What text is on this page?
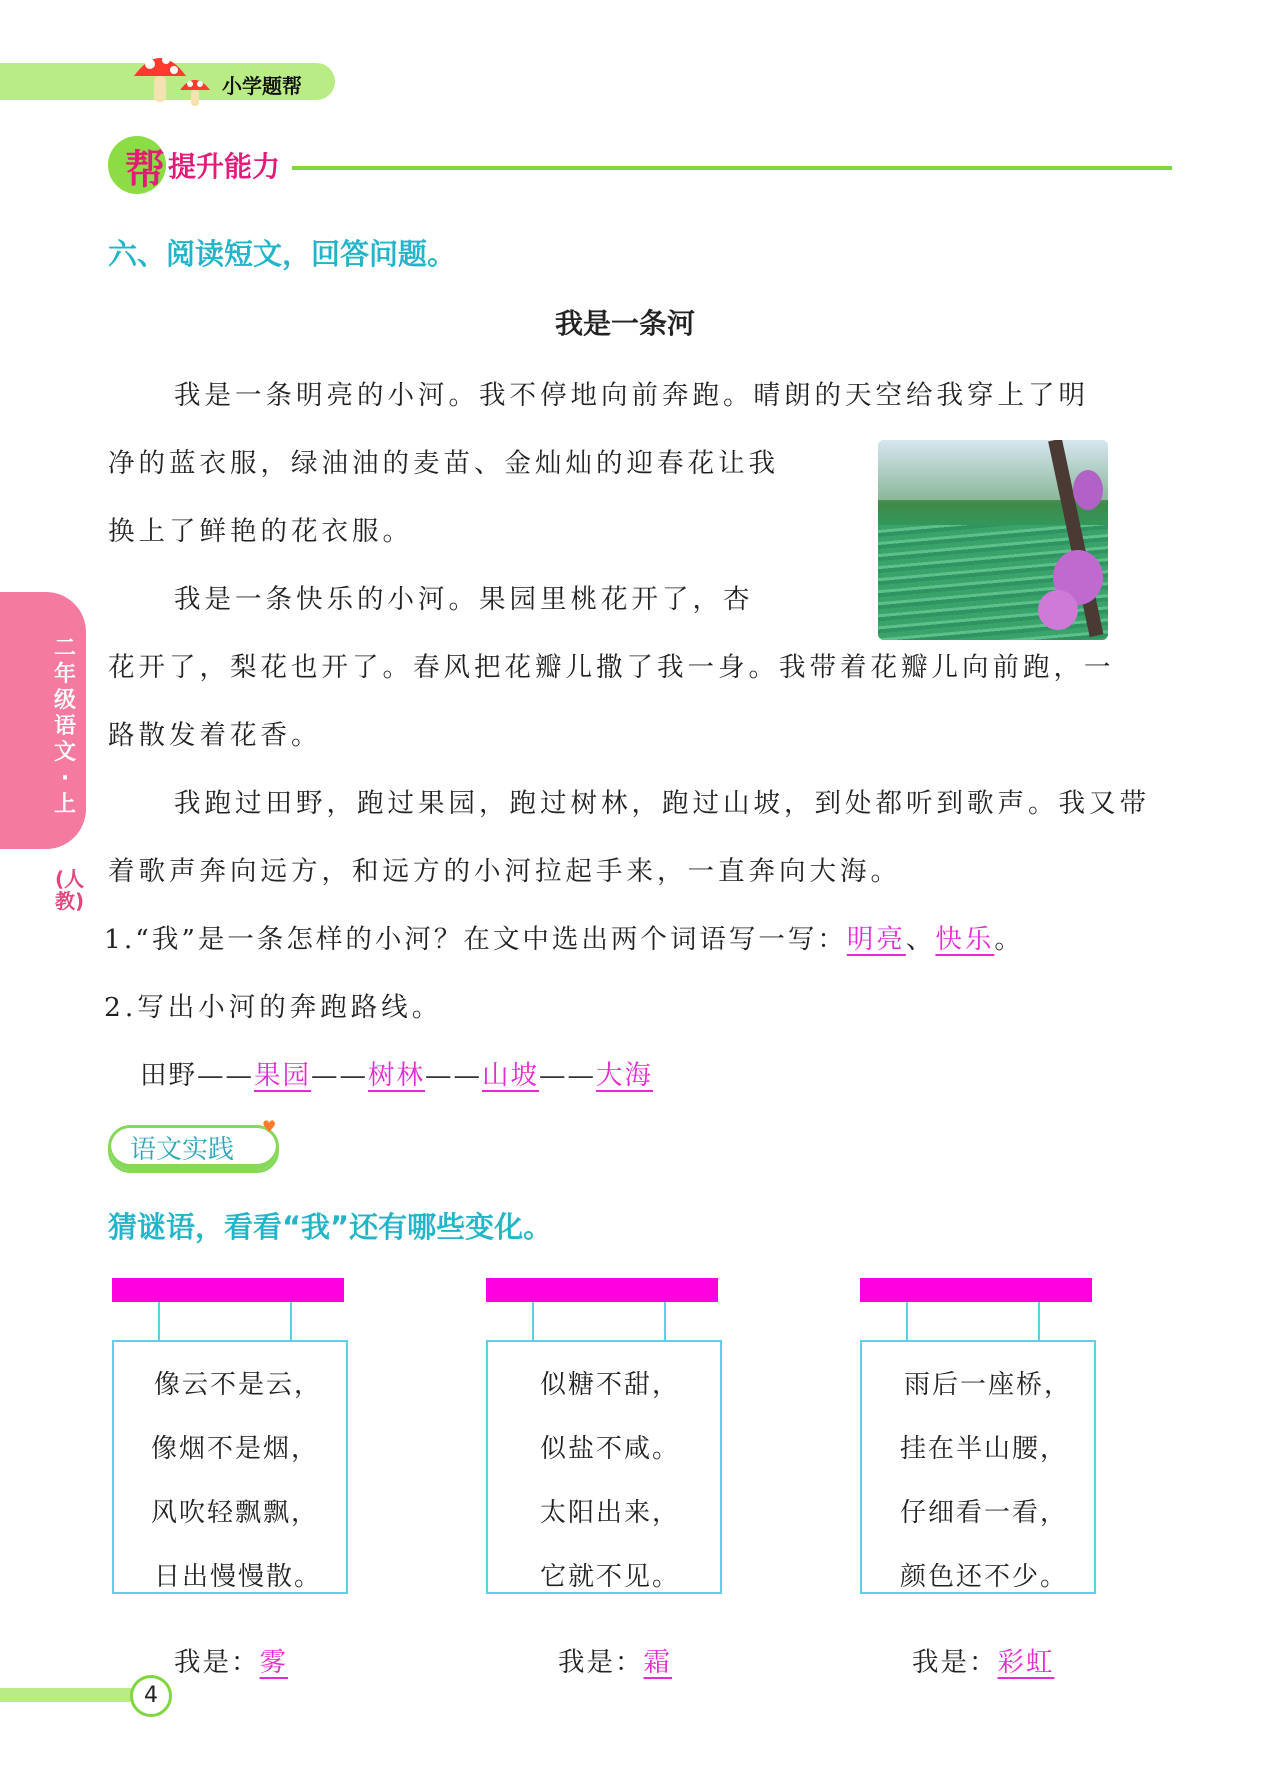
小学题帮
帮 提升能力
六、阅读短文，回答问题。
我是一条河
我是一条明亮的小河。我不停地向前奔跑。晴朗的天空给我穿上了明
净的蓝衣服，绿油油的麦苗、金灿灿的迎春花让我
换上了鲜艳的花衣服。
我是一条快乐的小河。果园里桃花开了，杏
花开了，梨花也开了。春风把花瓣儿撒了我一身。我带着花瓣儿向前跑，一
路散发着花香。
我跑过田野，跑过果园，跑过树林，跑过山坡，到处都听到歌声。我又带
着歌声奔向远方，和远方的小河拉起手来，一直奔向大海。
1.“我”是一条怎样的小河？在文中选出两个词语写一写：明亮、快乐。
2.写出小河的奔跑路线。
田野——果园——树林——山坡——大海
二年级语文·上
(人教)
语文实践
♥
猜谜语，看看“我”还有哪些变化。
像云不是云，
像烟不是烟，
风吹轻飘飘，
日出慢慢散。
我是：雾
似糖不甜，
似盐不咸。
太阳出来，
它就不见。
我是：霜
雨后一座桥，
挂在半山腰，
仔细看一看，
颜色还不少。
我是：彩虹
4
